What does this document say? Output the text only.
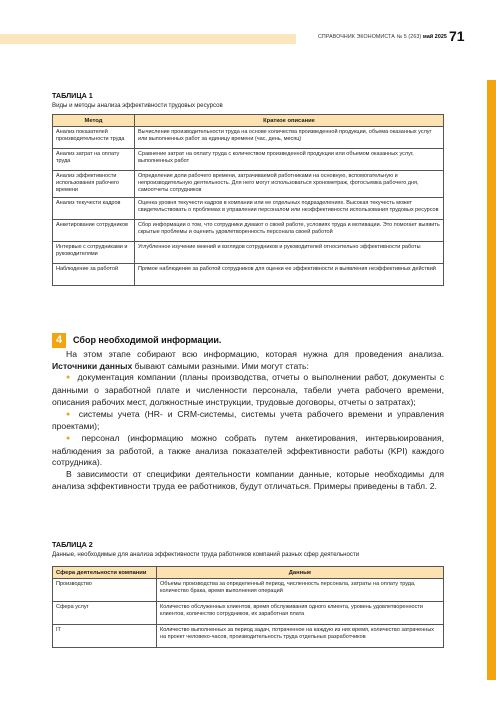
СПРАВОЧНИК ЭКОНОМИСТА № 5 (263) май 2025 71
ТАБЛИЦА 1
Виды и методы анализа эффективности трудовых ресурсов
Метод	Краткое описание
Анализ показателей производительности труда	Вычисление производительности труда на основе количества произведенной продукции, объема оказанных услуг или выполненных работ за единицу времени (час, день, месяц)
Анализ затрат на оплату труда	Сравнение затрат на оплату труда с количеством произведенной продукции или объемом оказанных услуг, выполненных работ
Анализ эффективности использования рабочего времени	Определение доли рабочего времени, затрачиваемой работниками на основную, вспомогательную и непроизводительную деятельность. Для него могут использоваться хронометраж, фотосъемка рабочего дня, самоотчеты сотрудников
Анализ текучести кадров	Оценка уровня текучести кадров в компании или ее отдельных подразделениях. Высокая текучесть может свидетельствовать о проблемах в управлении персоналом или неэффективности использования трудовых ресурсов
Анкетирование сотрудников	Сбор информации о том, что сотрудники думают о своей работе, условиях труда и мотивации. Это помогает выявить скрытые проблемы и оценить удовлетворенность персонала своей работой
Интервью с сотрудниками и руководителями	Углубленное изучение мнений и взглядов сотрудников и руководителей относительно эффективности работы
Наблюдение за работой	Прямое наблюдение за работой сотрудников для оценки ее эффективности и выявления неэффективных действий
4	Сбор необходимой информации.

На этом этапе собирают всю информацию, которая нужна для проведения анализа. Источники данных бывают самыми разными. Ими могут стать:

● документация компании (планы производства, отчеты о выполнении работ, документы с данными о заработной плате и численности персонала, табели учета рабочего времени, описания рабочих мест, должностные инструкции, трудовые договоры, отчеты о затратах);

● системы учета (HR- и CRM-системы, системы учета рабочего времени и управления проектами);

● персонал (информацию можно собрать путем анкетирования, интервьюирования, наблюдения за работой, а также анализа показателей эффективности работы (KPI) каждого сотрудника).

В зависимости от специфики деятельности компании данные, которые необходимы для анализа эффективности труда ее работников, будут отличаться. Примеры приведены в табл. 2.

ТАБЛИЦА 2
Данные, необходимые для анализа эффективности труда работников компаний разных сфер деятельности
Сфера деятельности компании	Данные
Производство	Объемы производства за определенный период, численность персонала, затраты на оплату труда, количество брака, время выполнения операций
Сфера услуг	Количество обслуженных клиентов, время обслуживания одного клиента, уровень удовлетворенности клиентов, количество сотрудников, их заработная плата
IT	Количество выполненных за период задач, потраченное на каждую из них время, количество затраченных на проект человеко-часов, производительность труда отдельных разработчиков
